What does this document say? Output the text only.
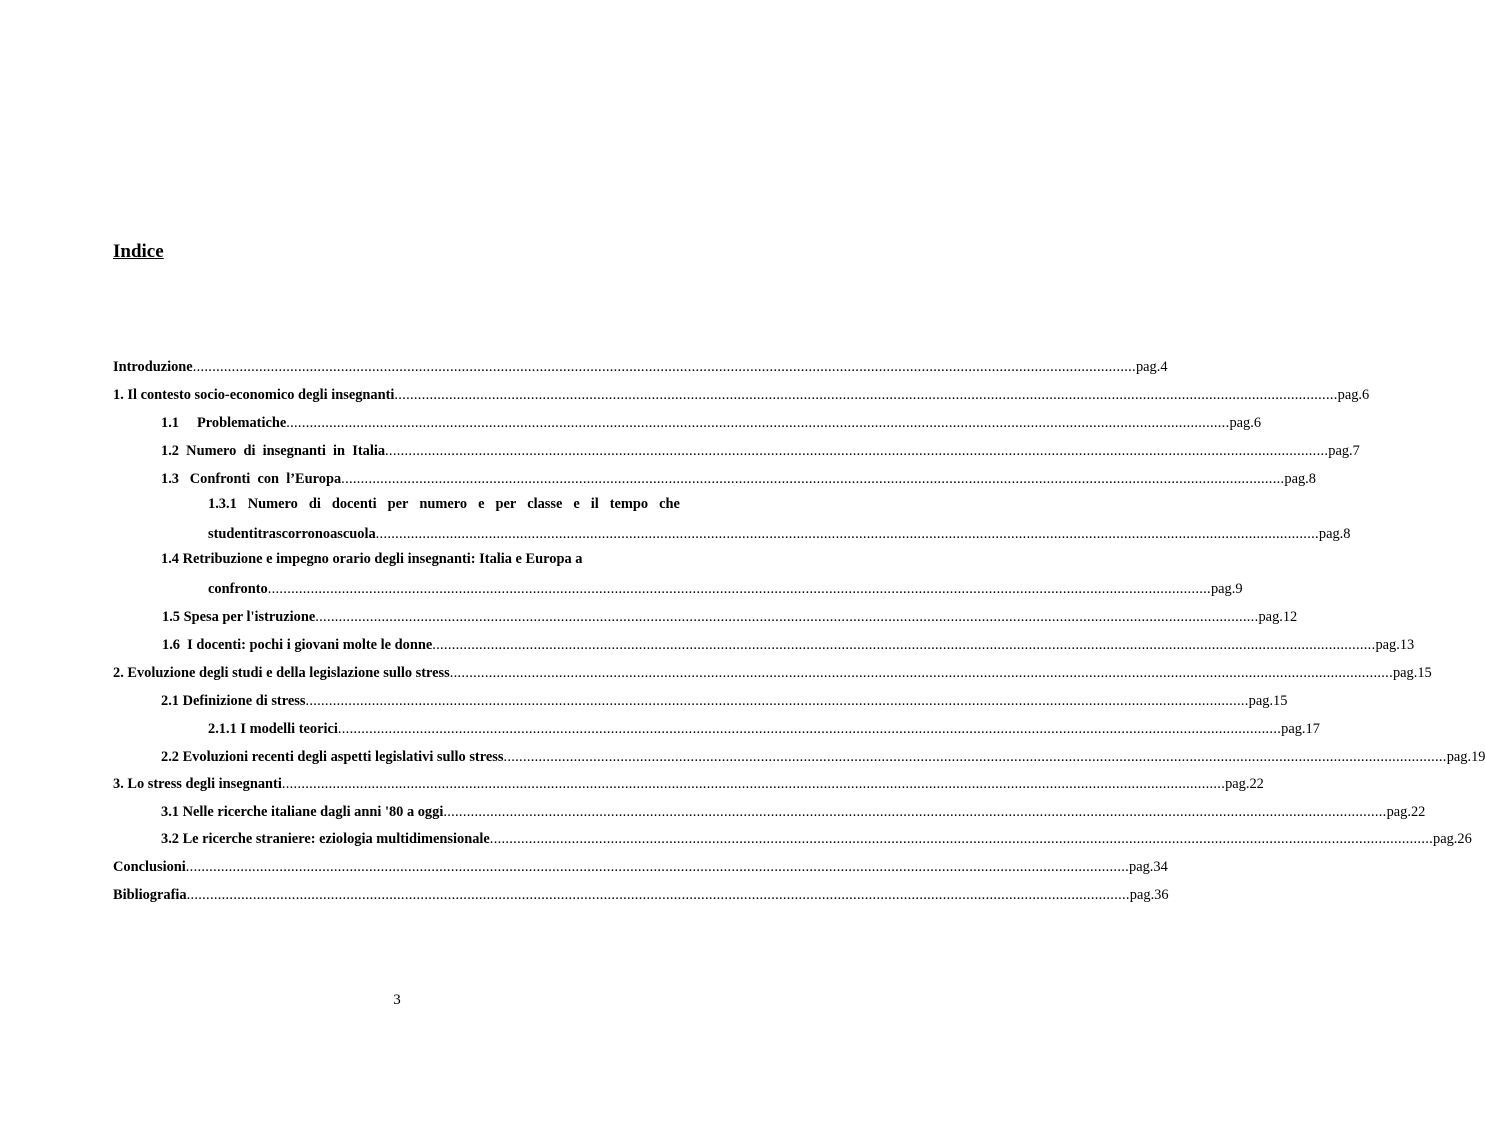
Indice
Introduzione .................................................................................................................................................................................................................................................. pag.4
1. Il contesto socio-economico degli insegnanti .................................................................................................................................................................................................................................................. pag.6
1.1     Problematiche .................................................................................................................................................................................................................................................. pag.6
1.2  Numero  di  insegnanti  in  Italia .................................................................................................................................................................................................................................................. pag.7
1.3   Confronti  con  l’Europa .................................................................................................................................................................................................................................................. pag.8
1.3.1 Numero di docenti per numero e per classe e il tempo che
studenti trascorrono a scuola .................................................................................................................................................................................................................................................. pag.8
1.4 Retribuzione e impegno orario degli insegnanti: Italia e Europa a
confronto .................................................................................................................................................................................................................................................. pag.9
1.5 Spesa per l'istruzione .................................................................................................................................................................................................................................................. pag.12
1.6  I docenti: pochi i giovani molte le donne .................................................................................................................................................................................................................................................. pag.13
2. Evoluzione degli studi e della legislazione sullo stress .................................................................................................................................................................................................................................................. pag.15
2.1 Definizione di stress .................................................................................................................................................................................................................................................. pag.15
2.1.1 I modelli teorici .................................................................................................................................................................................................................................................. pag.17
2.2 Evoluzioni recenti degli aspetti legislativi sullo stress .................................................................................................................................................................................................................................................. pag.19
3. Lo stress degli insegnanti .................................................................................................................................................................................................................................................. pag.22
3.1 Nelle ricerche italiane dagli anni '80 a oggi .................................................................................................................................................................................................................................................. pag.22
3.2 Le ricerche straniere: eziologia multidimensionale .................................................................................................................................................................................................................................................. pag.26
Conclusioni .................................................................................................................................................................................................................................................. pag.34
Bibliografia .................................................................................................................................................................................................................................................. pag.36
3
